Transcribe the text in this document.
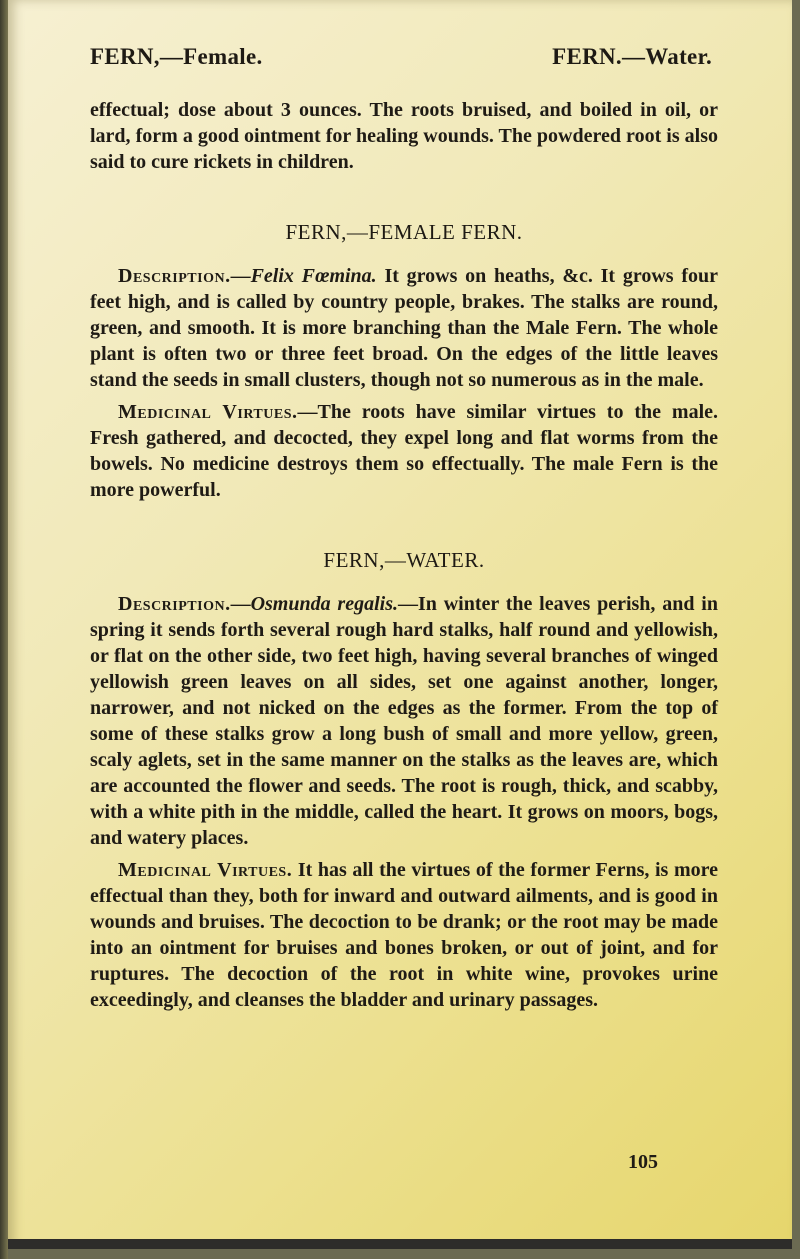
FERN,—Female.	FERN.—Water.

effectual; dose about 3 ounces. The roots bruised, and boiled in oil, or lard, form a good ointment for healing wounds. The powdered root is also said to cure rickets in children.

FERN,—FEMALE FERN.

Description.—Felix Fœmina. It grows on heaths, &c. It grows four feet high, and is called by country people, brakes. The stalks are round, green, and smooth. It is more branching than the Male Fern. The whole plant is often two or three feet broad. On the edges of the little leaves stand the seeds in small clusters, though not so numerous as in the male.

Medicinal Virtues.—The roots have similar virtues to the male. Fresh gathered, and decocted, they expel long and flat worms from the bowels. No medicine destroys them so effectually. The male Fern is the more powerful.

FERN,—WATER.

Description.—Osmunda regalis.—In winter the leaves perish, and in spring it sends forth several rough hard stalks, half round and yellowish, or flat on the other side, two feet high, having several branches of winged yellowish green leaves on all sides, set one against another, longer, narrower, and not nicked on the edges as the former. From the top of some of these stalks grow a long bush of small and more yellow, green, scaly aglets, set in the same manner on the stalks as the leaves are, which are accounted the flower and seeds. The root is rough, thick, and scabby, with a white pith in the middle, called the heart. It grows on moors, bogs, and watery places.

Medicinal Virtues. It has all the virtues of the former Ferns, is more effectual than they, both for inward and outward ailments, and is good in wounds and bruises. The decoction to be drank; or the root may be made into an ointment for bruises and bones broken, or out of joint, and for ruptures. The decoction of the root in white wine, provokes urine exceedingly, and cleanses the bladder and urinary passages.

105
